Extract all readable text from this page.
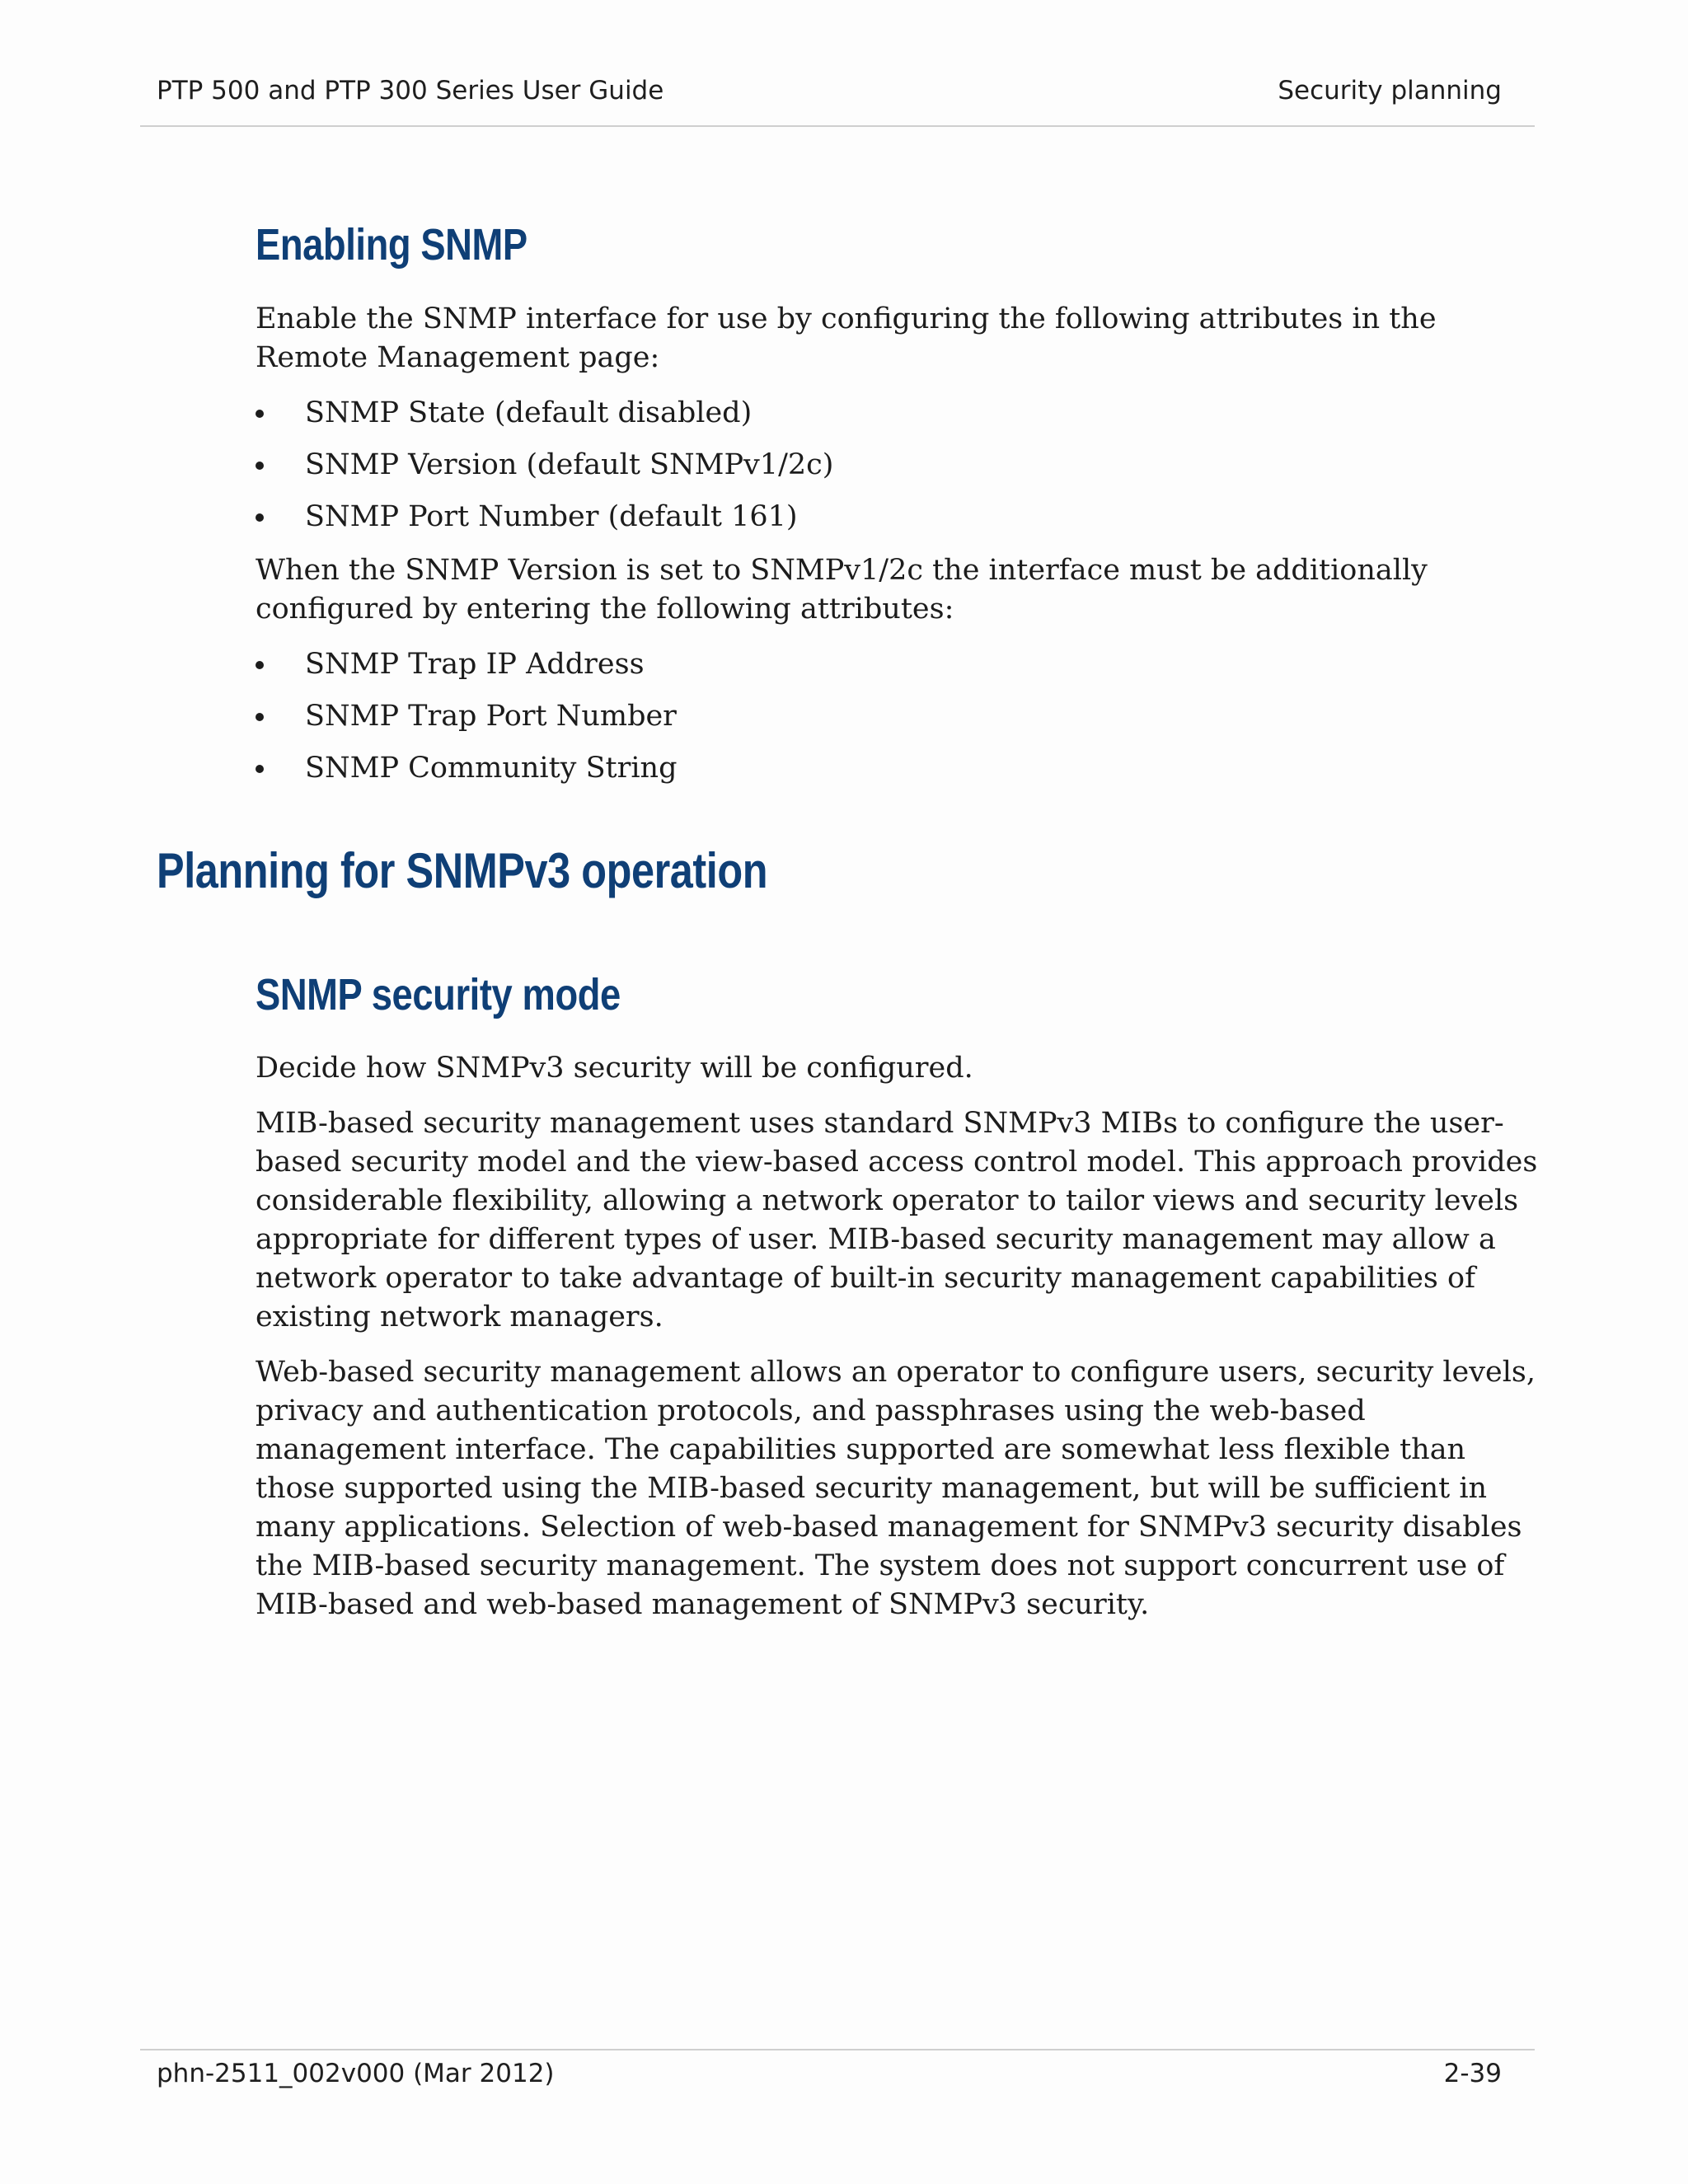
PTP 500 and PTP 300 Series User Guide	Security planning
Enabling SNMP

Enable the SNMP interface for use by configuring the following attributes in the Remote Management page:

SNMP State (default disabled)
SNMP Version (default SNMPv1/2c)
SNMP Port Number (default 161)

When the SNMP Version is set to SNMPv1/2c the interface must be additionally configured by entering the following attributes:

SNMP Trap IP Address
SNMP Trap Port Number
SNMP Community String
Planning for SNMPv3 operation
SNMP security mode

Decide how SNMPv3 security will be configured.

MIB-based security management uses standard SNMPv3 MIBs to configure the user-based security model and the view-based access control model. This approach provides considerable flexibility, allowing a network operator to tailor views and security levels appropriate for different types of user. MIB-based security management may allow a network operator to take advantage of built-in security management capabilities of existing network managers.

Web-based security management allows an operator to configure users, security levels, privacy and authentication protocols, and passphrases using the web-based management interface. The capabilities supported are somewhat less flexible than those supported using the MIB-based security management, but will be sufficient in many applications. Selection of web-based management for SNMPv3 security disables the MIB-based security management. The system does not support concurrent use of MIB-based and web-based management of SNMPv3 security.

phn-2511_002v000 (Mar 2012)	2-39
